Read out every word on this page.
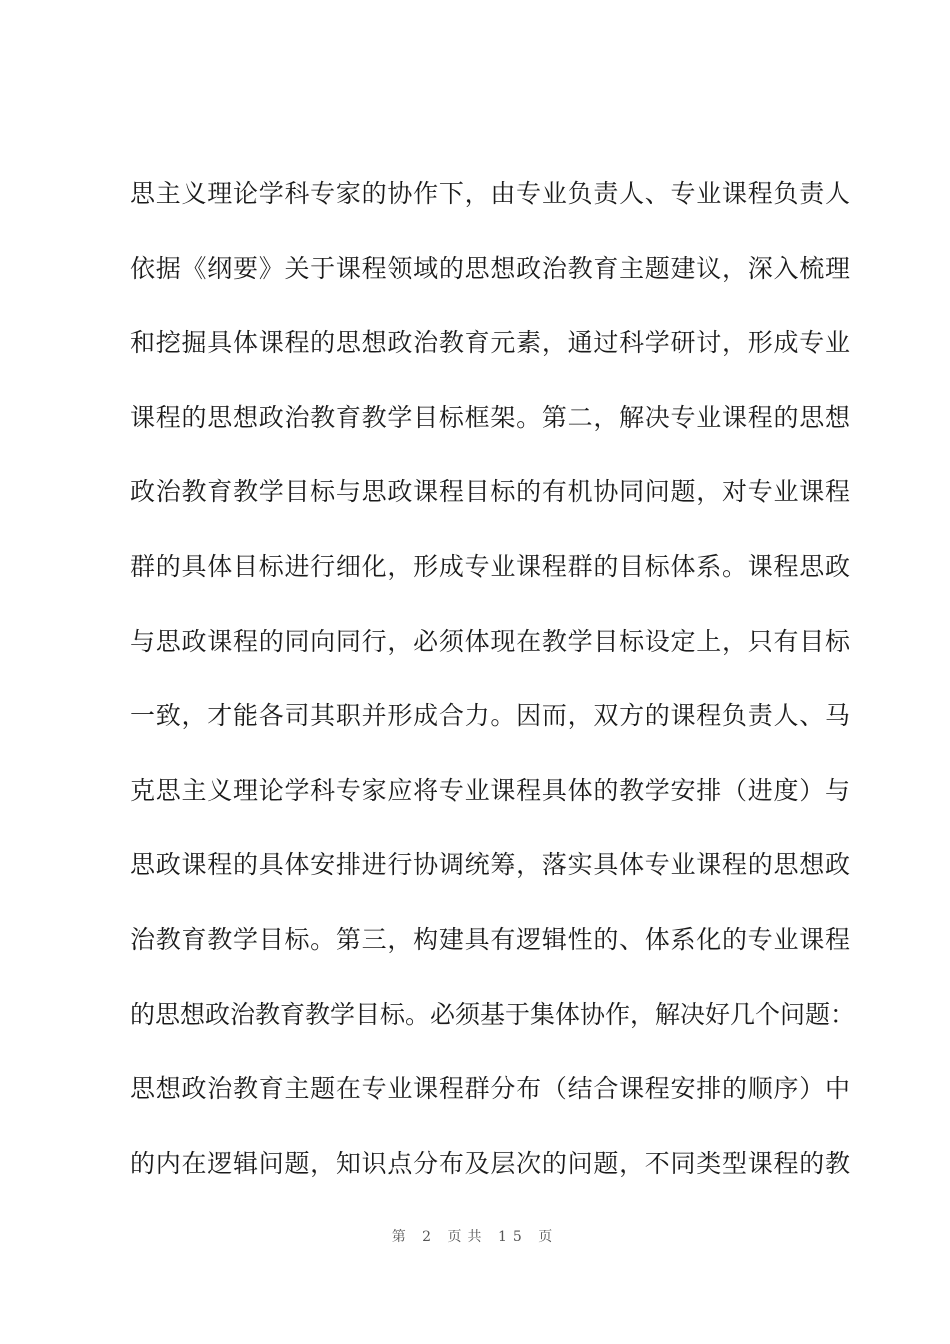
思主义理论学科专家的协作下，由专业负责人、专业课程负责人
依据《纲要》关于课程领域的思想政治教育主题建议，深入梳理
和挖掘具体课程的思想政治教育元素，通过科学研讨，形成专业
课程的思想政治教育教学目标框架。第二，解决专业课程的思想
政治教育教学目标与思政课程目标的有机协同问题，对专业课程
群的具体目标进行细化，形成专业课程群的目标体系。课程思政
与思政课程的同向同行，必须体现在教学目标设定上，只有目标
一致，才能各司其职并形成合力。因而，双方的课程负责人、马
克思主义理论学科专家应将专业课程具体的教学安排（进度）与
思政课程的具体安排进行协调统筹，落实具体专业课程的思想政
治教育教学目标。第三，构建具有逻辑性的、体系化的专业课程
的思想政治教育教学目标。必须基于集体协作，解决好几个问题：
思想政治教育主题在专业课程群分布（结合课程安排的顺序）中
的内在逻辑问题，知识点分布及层次的问题，不同类型课程的教
第 2 页共 15 页
